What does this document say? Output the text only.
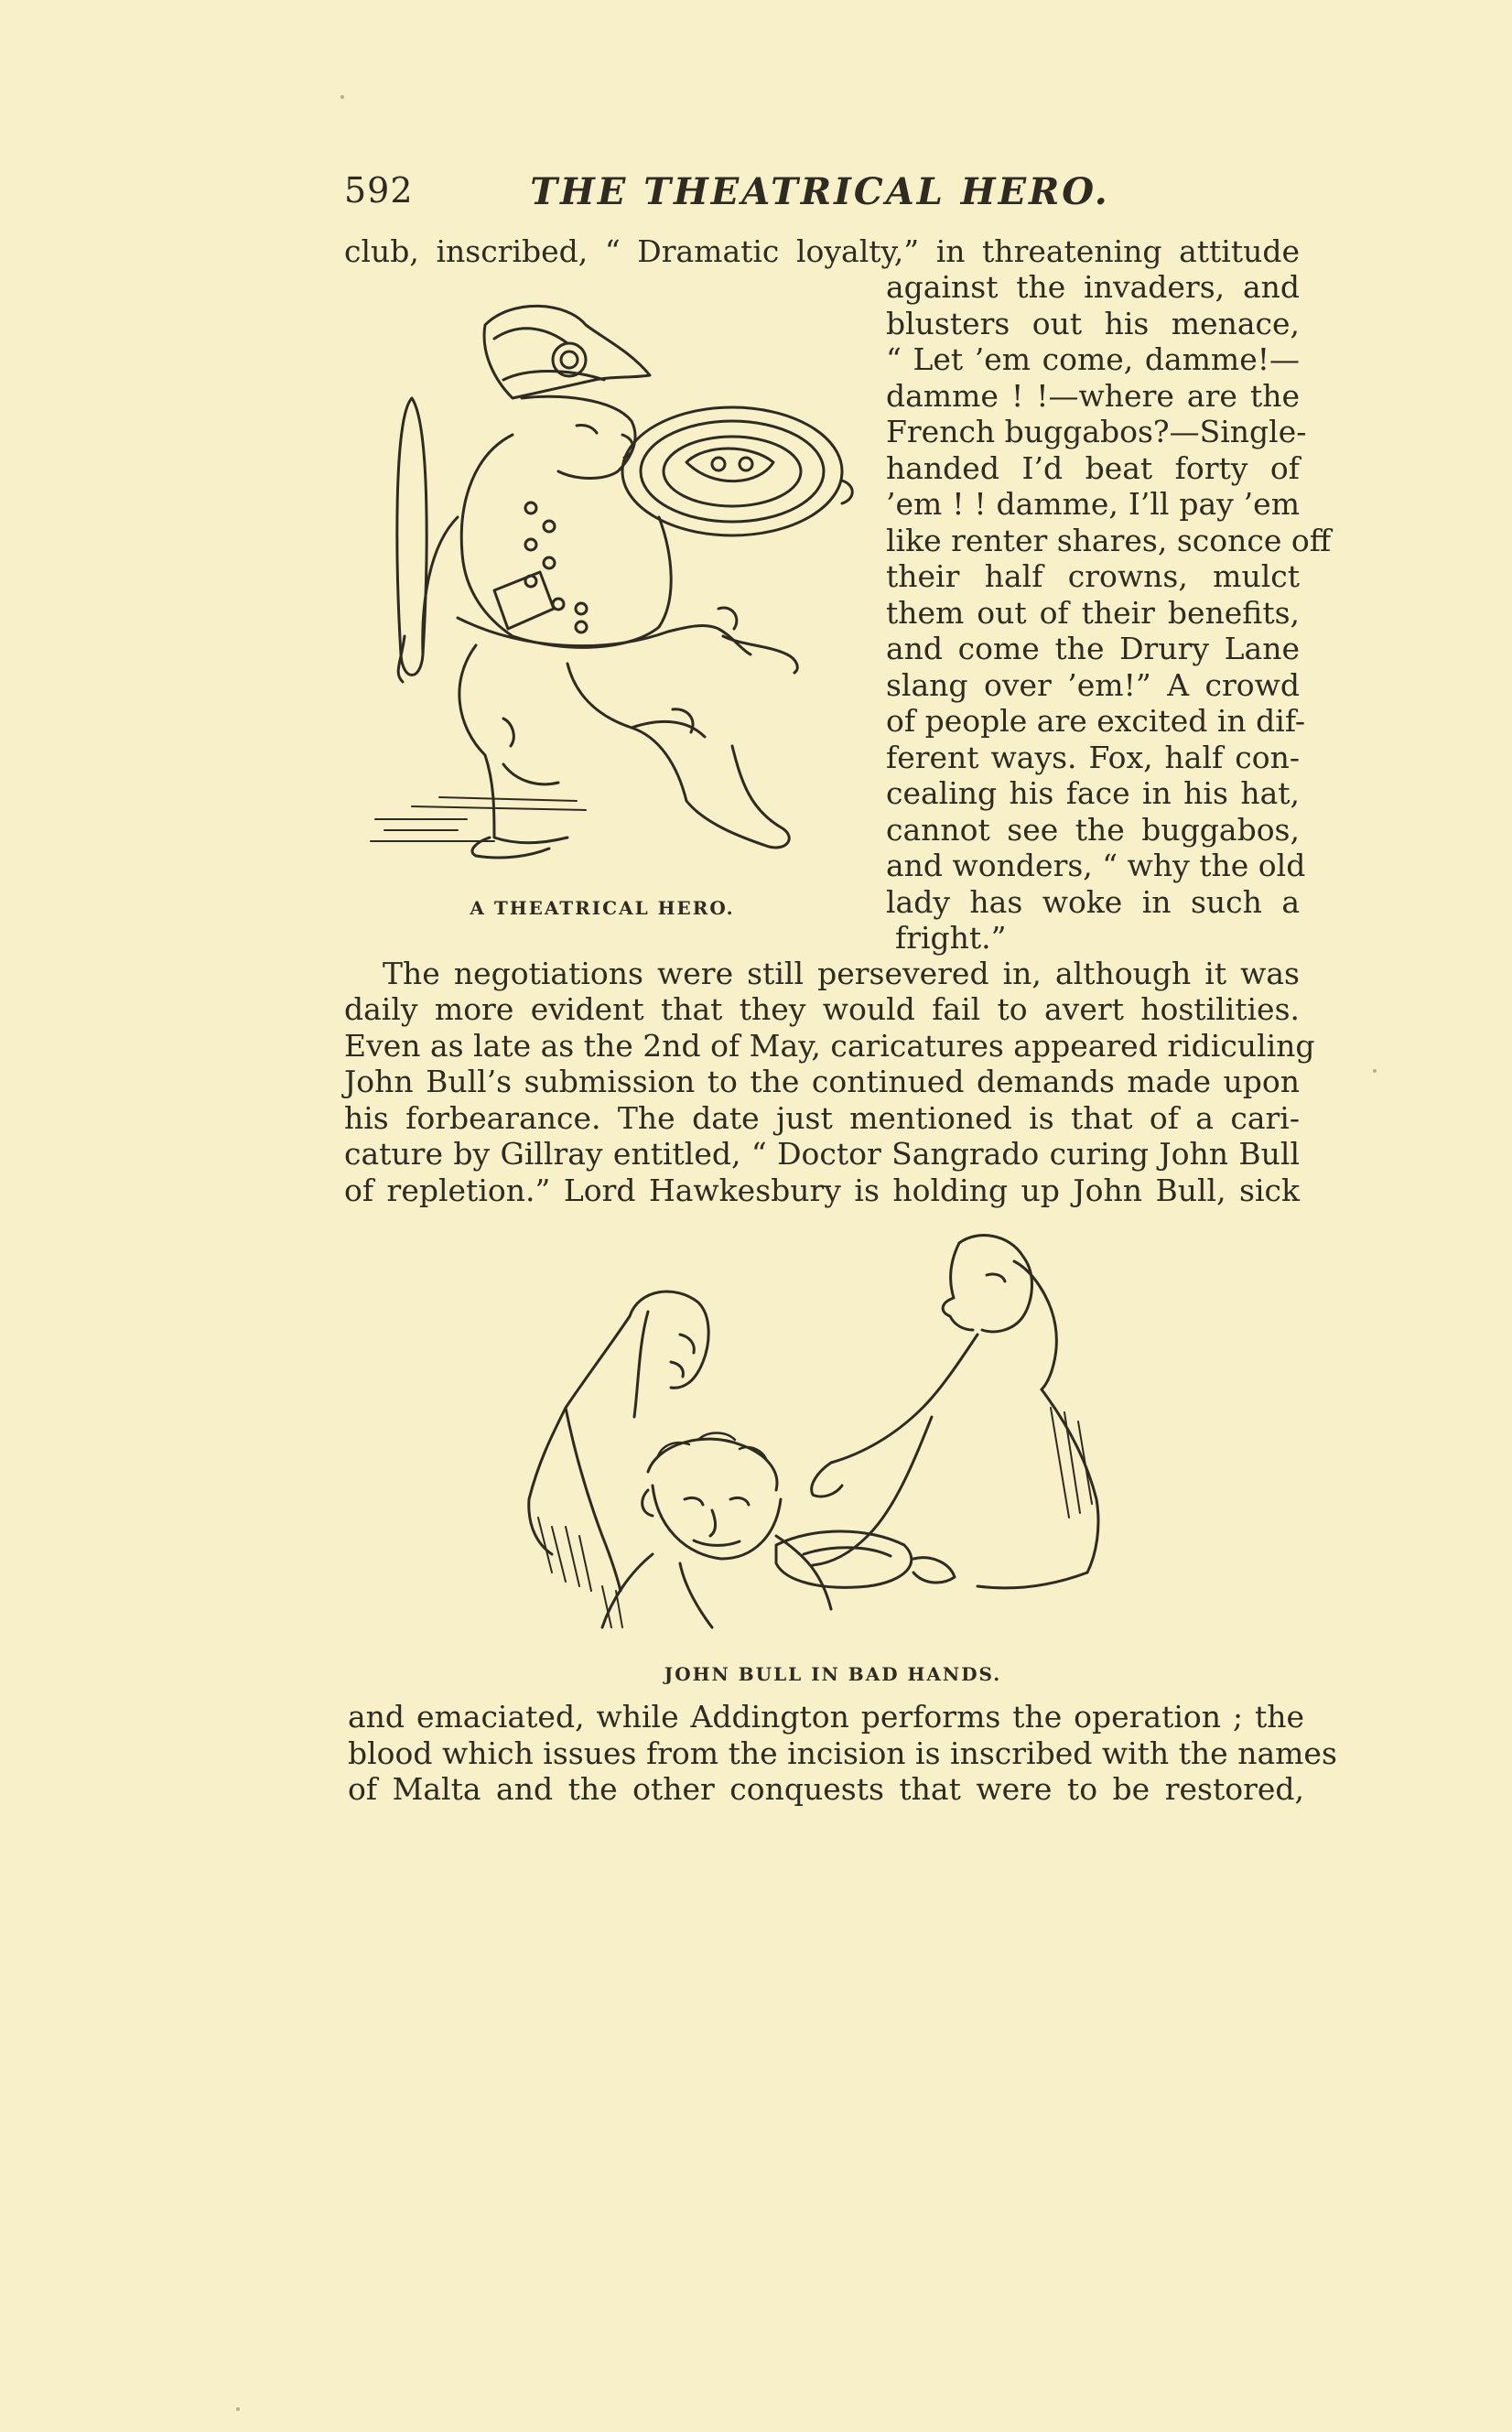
592	THE THEATRICAL HERO.
club, inscribed, “ Dramatic loyalty,” in threatening attitude
against the invaders, and
blusters out his menace,
“ Let ’em come, damme!—
damme ! !—where are the
French buggabos?—Single-
handed I’d beat forty of
’em ! ! damme, I’ll pay ’em
like renter shares, sconce off
their half crowns, mulct
them out of their benefits,
and come the Drury Lane
slang over ’em!” A crowd
of people are excited in dif-
ferent ways. Fox, half con-
cealing his face in his hat,
cannot see the buggabos,
and wonders, “ why the old
lady has woke in such a
fright.”
A THEATRICAL HERO.
The negotiations were still persevered in, although it was
daily more evident that they would fail to avert hostilities.
Even as late as the 2nd of May, caricatures appeared ridiculing
John Bull’s submission to the continued demands made upon
his forbearance. The date just mentioned is that of a cari-
cature by Gillray entitled, “ Doctor Sangrado curing John Bull
of repletion.” Lord Hawkesbury is holding up John Bull, sick
JOHN BULL IN BAD HANDS.
and emaciated, while Addington performs the operation ; the
blood which issues from the incision is inscribed with the names
of Malta and the other conquests that were to be restored,
